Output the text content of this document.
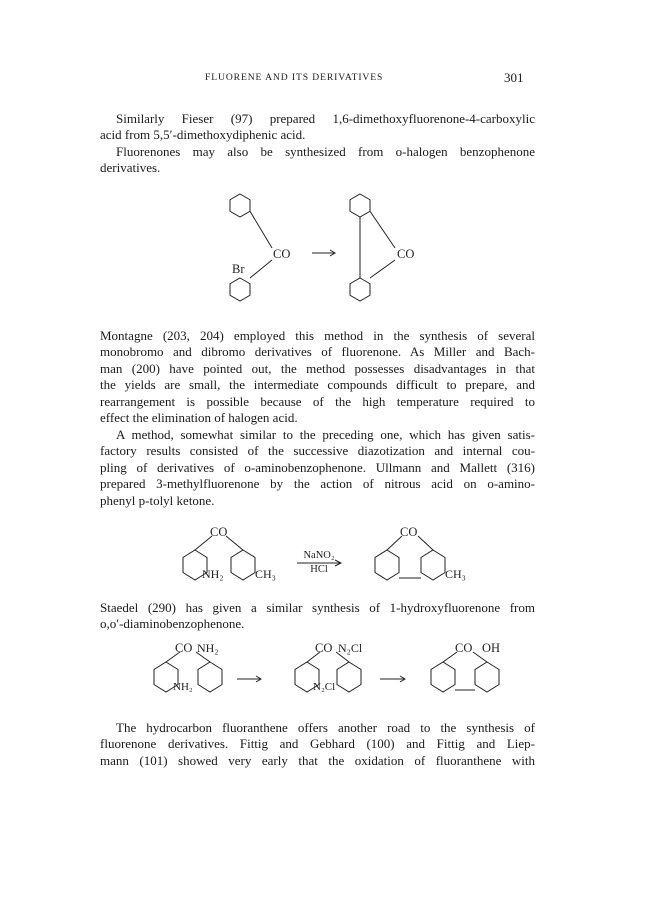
FLUORENE AND ITS DERIVATIVES	301

Similarly Fieser (97) prepared 1,6-dimethoxyfluorenone-4-carboxylic
acid from 5,5′-dimethoxydiphenic acid.

Fluorenones may also be synthesized from o-halogen benzophenone
derivatives.

CO
Br
CO

Montagne (203, 204) employed this method in the synthesis of several
monobromo and dibromo derivatives of fluorenone. As Miller and Bach-
man (200) have pointed out, the method possesses disadvantages in that
the yields are small, the intermediate compounds difficult to prepare, and
rearrangement is possible because of the high temperature required to
effect the elimination of halogen acid.

A method, somewhat similar to the preceding one, which has given satis-
factory results consisted of the successive diazotization and internal cou-
pling of derivatives of o-aminobenzophenone. Ullmann and Mallett (316)
prepared 3-methylfluorenone by the action of nitrous acid on o-amino-
phenyl p-tolyl ketone.

CO
NH₂	CH₃
NaNO₂
HCl
CO
CH₃

Staedel (290) has given a similar synthesis of 1-hydroxyfluorenone from
o,o′-diaminobenzophenone.

CO NH₂
NH₂
CO N₂Cl
N₂Cl
CO OH

The hydrocarbon fluoranthene offers another road to the synthesis of
fluorenone derivatives. Fittig and Gebhard (100) and Fittig and Liep-
mann (101) showed very early that the oxidation of fluoranthene with
